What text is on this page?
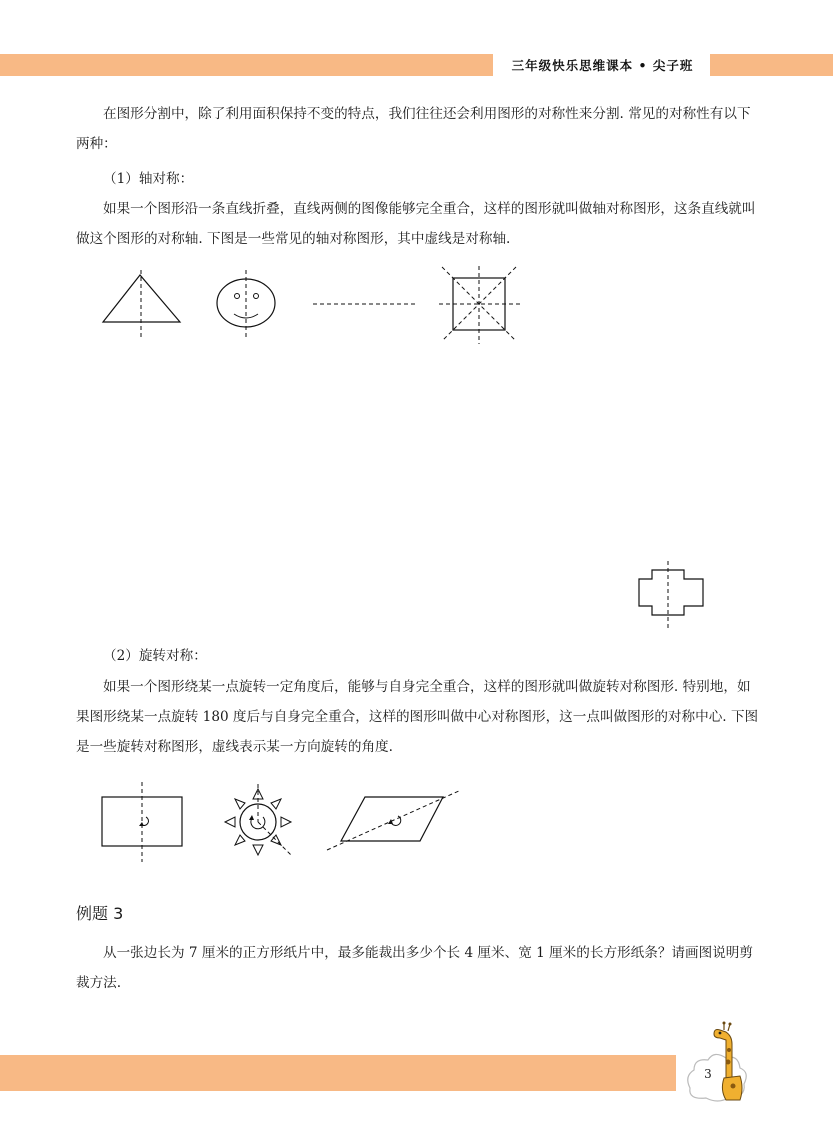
三年级快乐思维课本 • 尖子班

在图形分割中，除了利用面积保持不变的特点，我们往往还会利用图形的对称性来分割. 常见的对称性有以下两种：

（1）轴对称：

如果一个图形沿一条直线折叠，直线两侧的图像能够完全重合，这样的图形就叫做轴对称图形，这条直线就叫做这个图形的对称轴. 下图是一些常见的轴对称图形，其中虚线是对称轴.

（2）旋转对称：

如果一个图形绕某一点旋转一定角度后，能够与自身完全重合，这样的图形就叫做旋转对称图形. 特别地，如果图形绕某一点旋转 180 度后与自身完全重合，这样的图形叫做中心对称图形，这一点叫做图形的对称中心. 下图是一些旋转对称图形，虚线表示某一方向旋转的角度.

例题 3

从一张边长为 7 厘米的正方形纸片中，最多能裁出多少个长 4 厘米、宽 1 厘米的长方形纸条？请画图说明剪裁方法.

3
